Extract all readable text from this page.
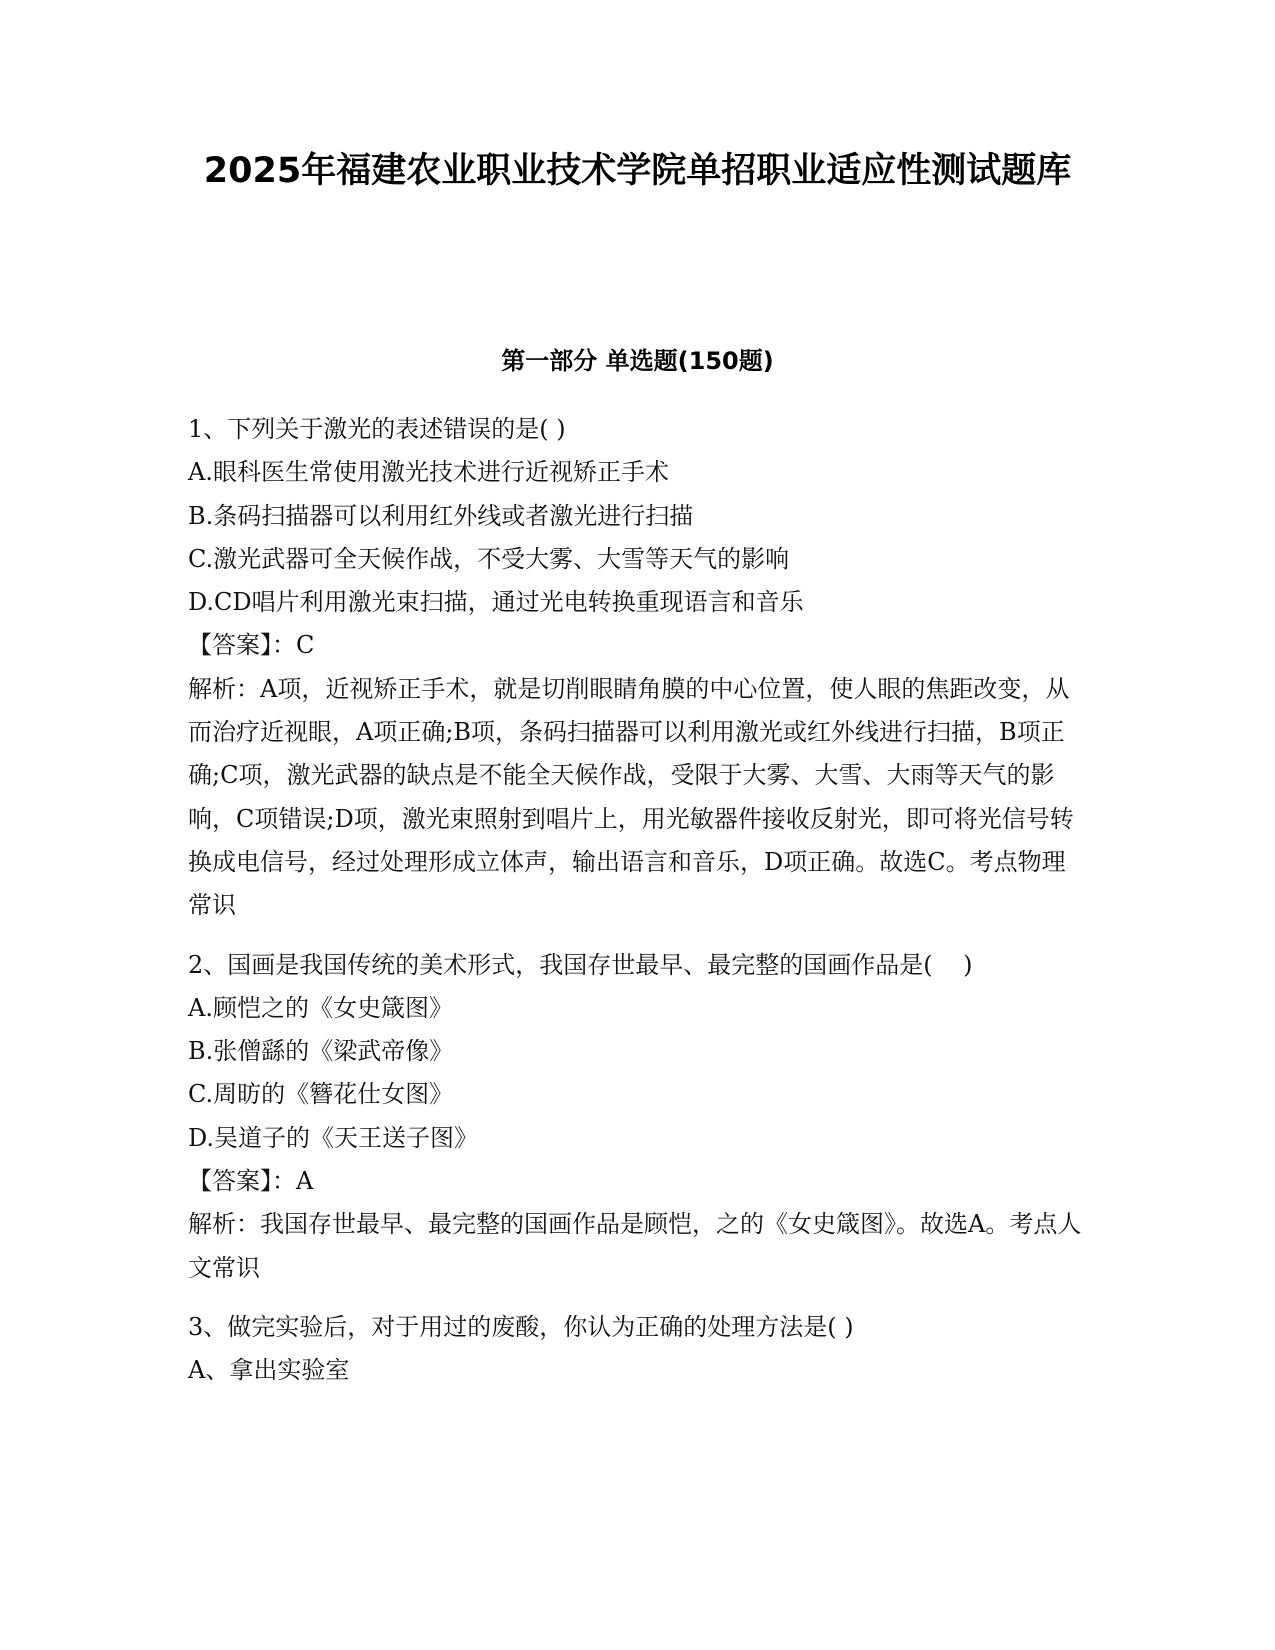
2025年福建农业职业技术学院单招职业适应性测试题库
第一部分 单选题(150题)
1、下列关于激光的表述错误的是( )
A.眼科医生常使用激光技术进行近视矫正手术
B.条码扫描器可以利用红外线或者激光进行扫描
C.激光武器可全天候作战，不受大雾、大雪等天气的影响
D.CD唱片利用激光束扫描，通过光电转换重现语言和音乐
【答案】：C
解析：A项，近视矫正手术，就是切削眼睛角膜的中心位置，使人眼的焦距改变，从而治疗近视眼，A项正确;B项，条码扫描器可以利用激光或红外线进行扫描，B项正确;C项，激光武器的缺点是不能全天候作战，受限于大雾、大雪、大雨等天气的影响，C项错误;D项，激光束照射到唱片上，用光敏器件接收反射光，即可将光信号转换成电信号，经过处理形成立体声，输出语言和音乐，D项正确。故选C。考点物理常识
2、国画是我国传统的美术形式，我国存世最早、最完整的国画作品是(    )
A.顾恺之的《女史箴图》
B.张僧繇的《梁武帝像》
C.周昉的《簪花仕女图》
D.吴道子的《天王送子图》
【答案】：A
解析：我国存世最早、最完整的国画作品是顾恺，之的《女史箴图》。故选A。考点人文常识
3、做完实验后，对于用过的废酸，你认为正确的处理方法是( )
A、拿出实验室
